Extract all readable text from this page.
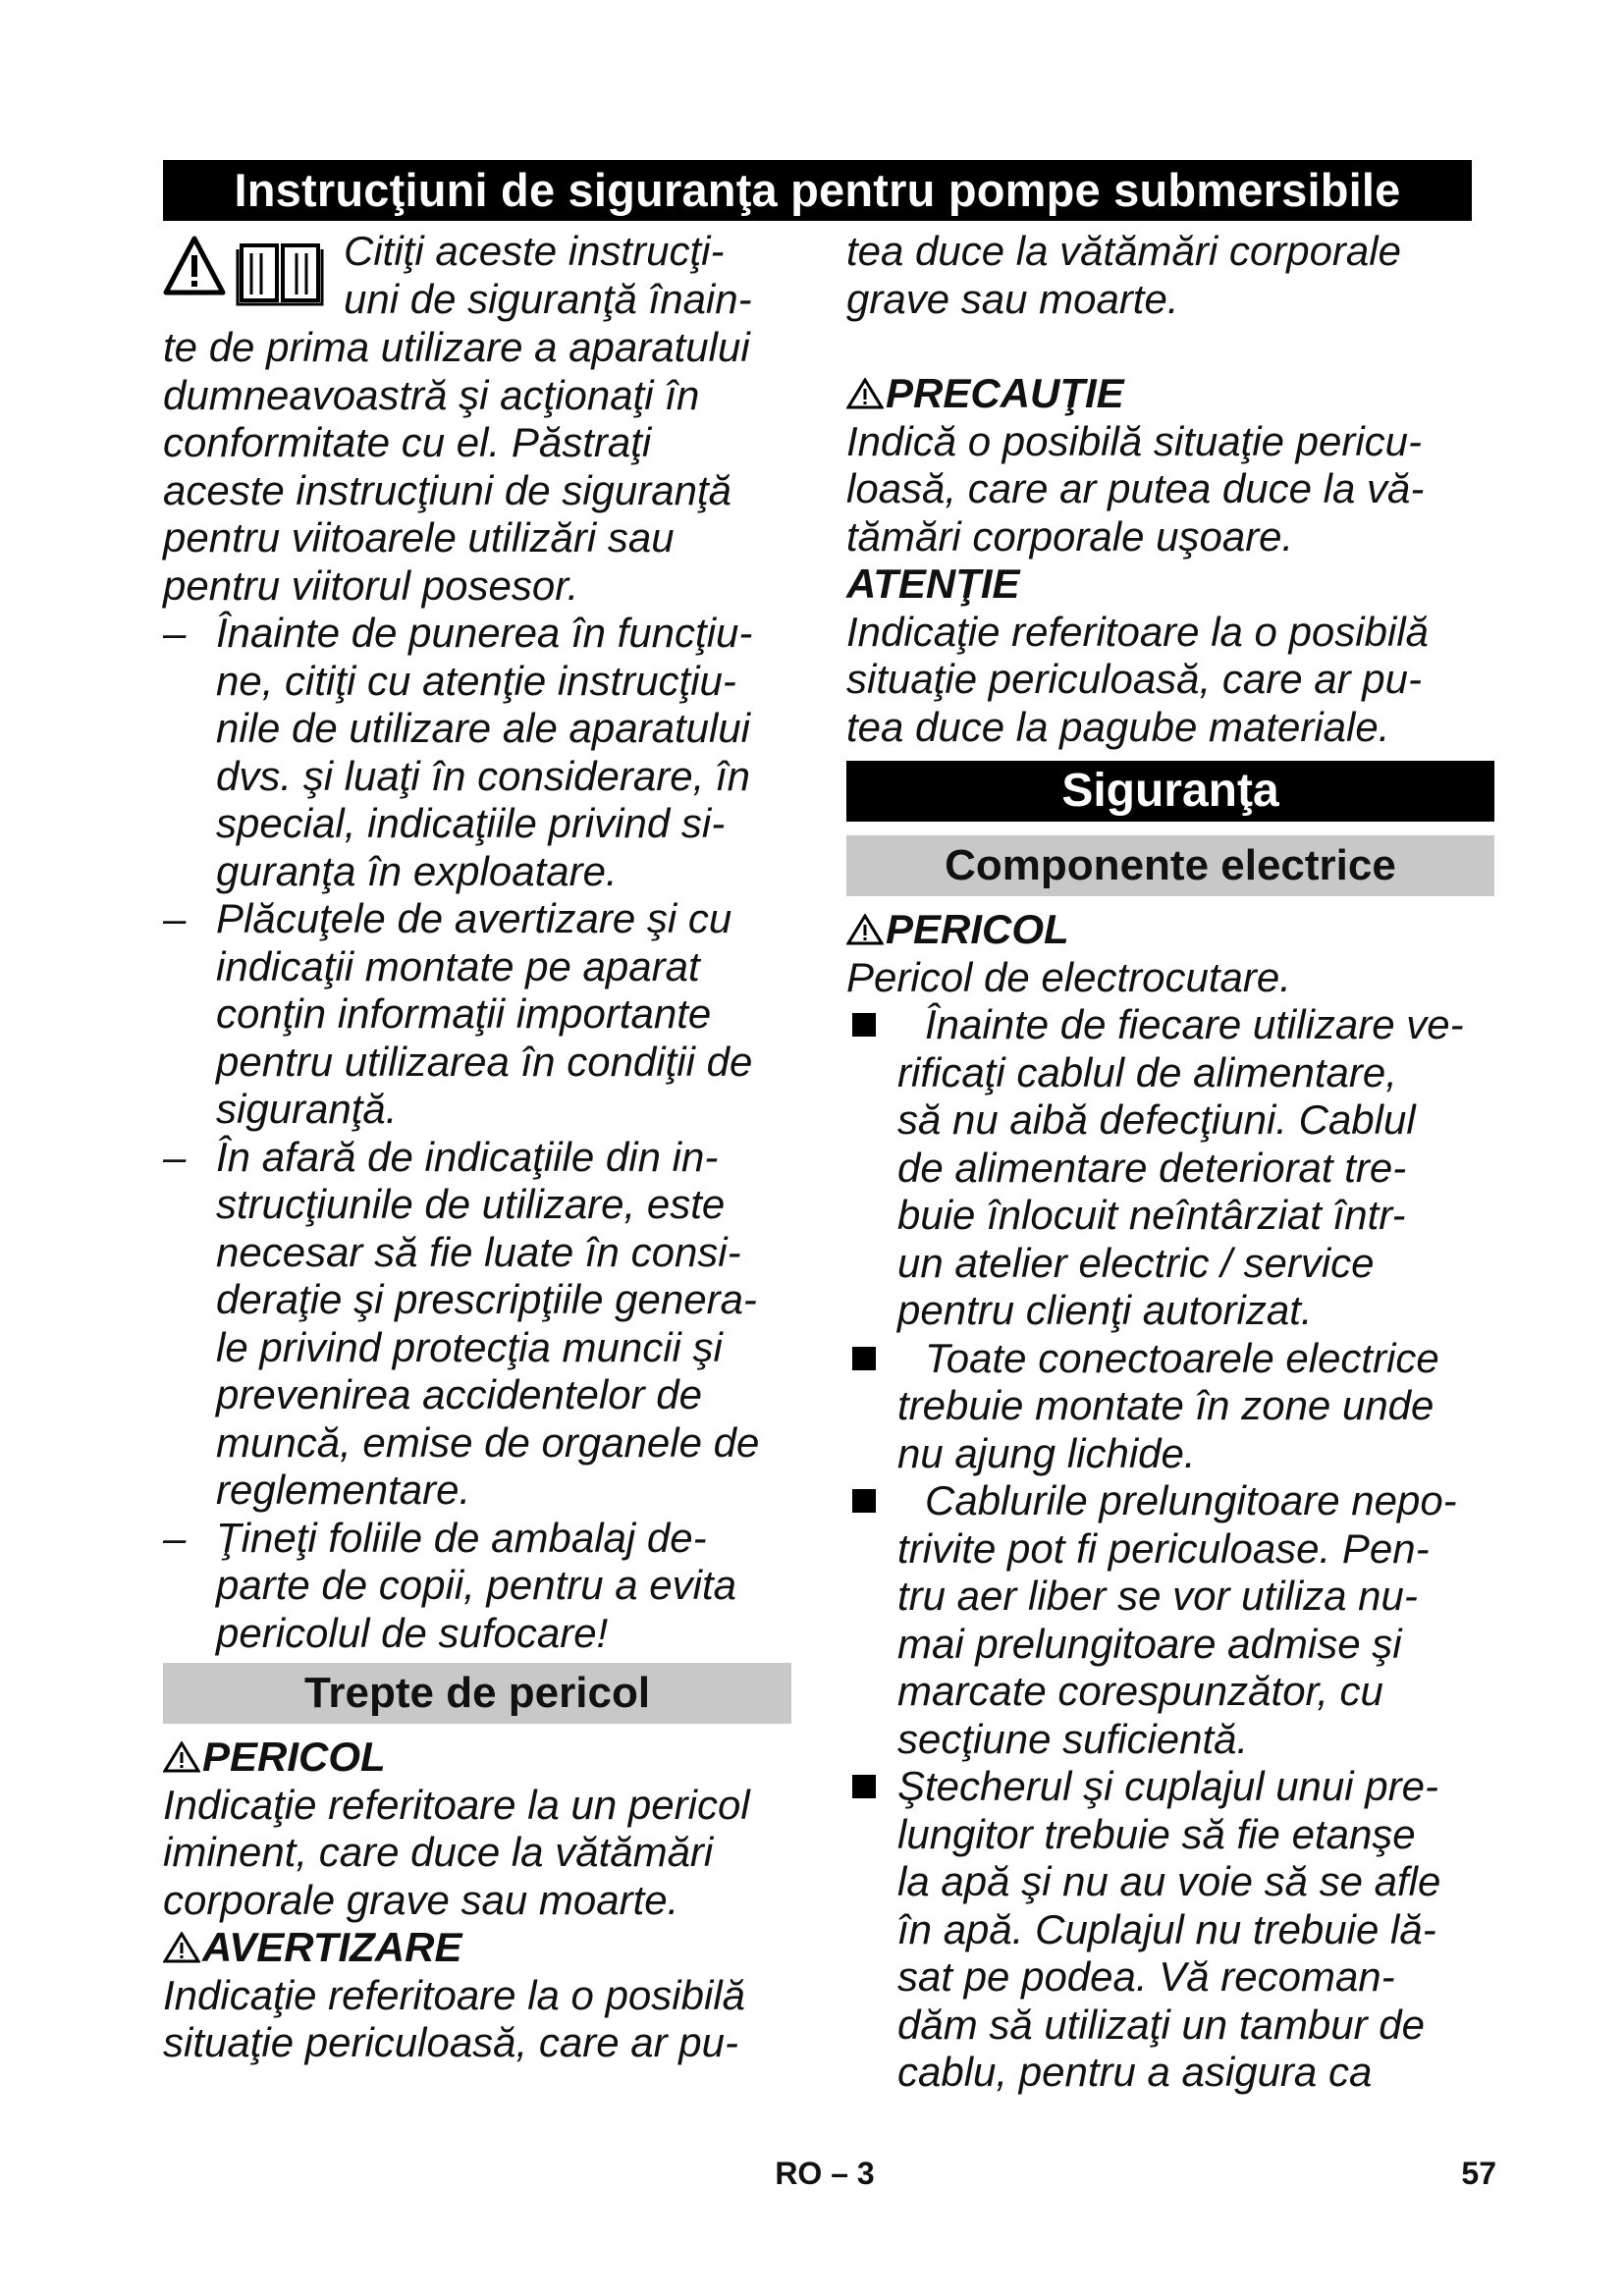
Instrucţiuni de siguranţa pentru pompe submersibile
Citiţi aceste instrucţi-
uni de siguranţă înain-
te de prima utilizare a aparatului
dumneavoastră şi acţionaţi în
conformitate cu el. Păstraţi
aceste instrucţiuni de siguranţă
pentru viitoarele utilizări sau
pentru viitorul posesor.
– Înainte de punerea în funcţiu-
ne, citiţi cu atenţie instrucţiu-
nile de utilizare ale aparatului
dvs. şi luaţi în considerare, în
special, indicaţiile privind si-
guranţa în exploatare.
– Plăcuţele de avertizare şi cu
indicaţii montate pe aparat
conţin informaţii importante
pentru utilizarea în condiţii de
siguranţă.
– În afară de indicaţiile din in-
strucţiunile de utilizare, este
necesar să fie luate în consi-
deraţie şi prescripţiile genera-
le privind protecţia muncii şi
prevenirea accidentelor de
muncă, emise de organele de
reglementare.
– Ţineţi foliile de ambalaj de-
parte de copii, pentru a evita
pericolul de sufocare!
Trepte de pericol
PERICOL
Indicaţie referitoare la un pericol
iminent, care duce la vătămări
corporale grave sau moarte.
AVERTIZARE
Indicaţie referitoare la o posibilă
situaţie periculoasă, care ar pu-
tea duce la vătămări corporale
grave sau moarte.
PRECAUŢIE
Indică o posibilă situaţie pericu-
loasă, care ar putea duce la vă-
tămări corporale uşoare.
ATENŢIE
Indicaţie referitoare la o posibilă
situaţie periculoasă, care ar pu-
tea duce la pagube materiale.
Siguranţa
Componente electrice
PERICOL
Pericol de electrocutare.
Înainte de fiecare utilizare ve-
rificaţi cablul de alimentare,
să nu aibă defecţiuni. Cablul
de alimentare deteriorat tre-
buie înlocuit neîntârziat într-
un atelier electric / service
pentru clienţi autorizat.
Toate conectoarele electrice
trebuie montate în zone unde
nu ajung lichide.
Cablurile prelungitoare nepo-
trivite pot fi periculoase. Pen-
tru aer liber se vor utiliza nu-
mai prelungitoare admise şi
marcate corespunzător, cu
secţiune suficientă.
Ştecherul şi cuplajul unui pre-
lungitor trebuie să fie etanşe
la apă şi nu au voie să se afle
în apă. Cuplajul nu trebuie lă-
sat pe podea. Vă recoman-
dăm să utilizaţi un tambur de
cablu, pentru a asigura ca
RO – 3	57
